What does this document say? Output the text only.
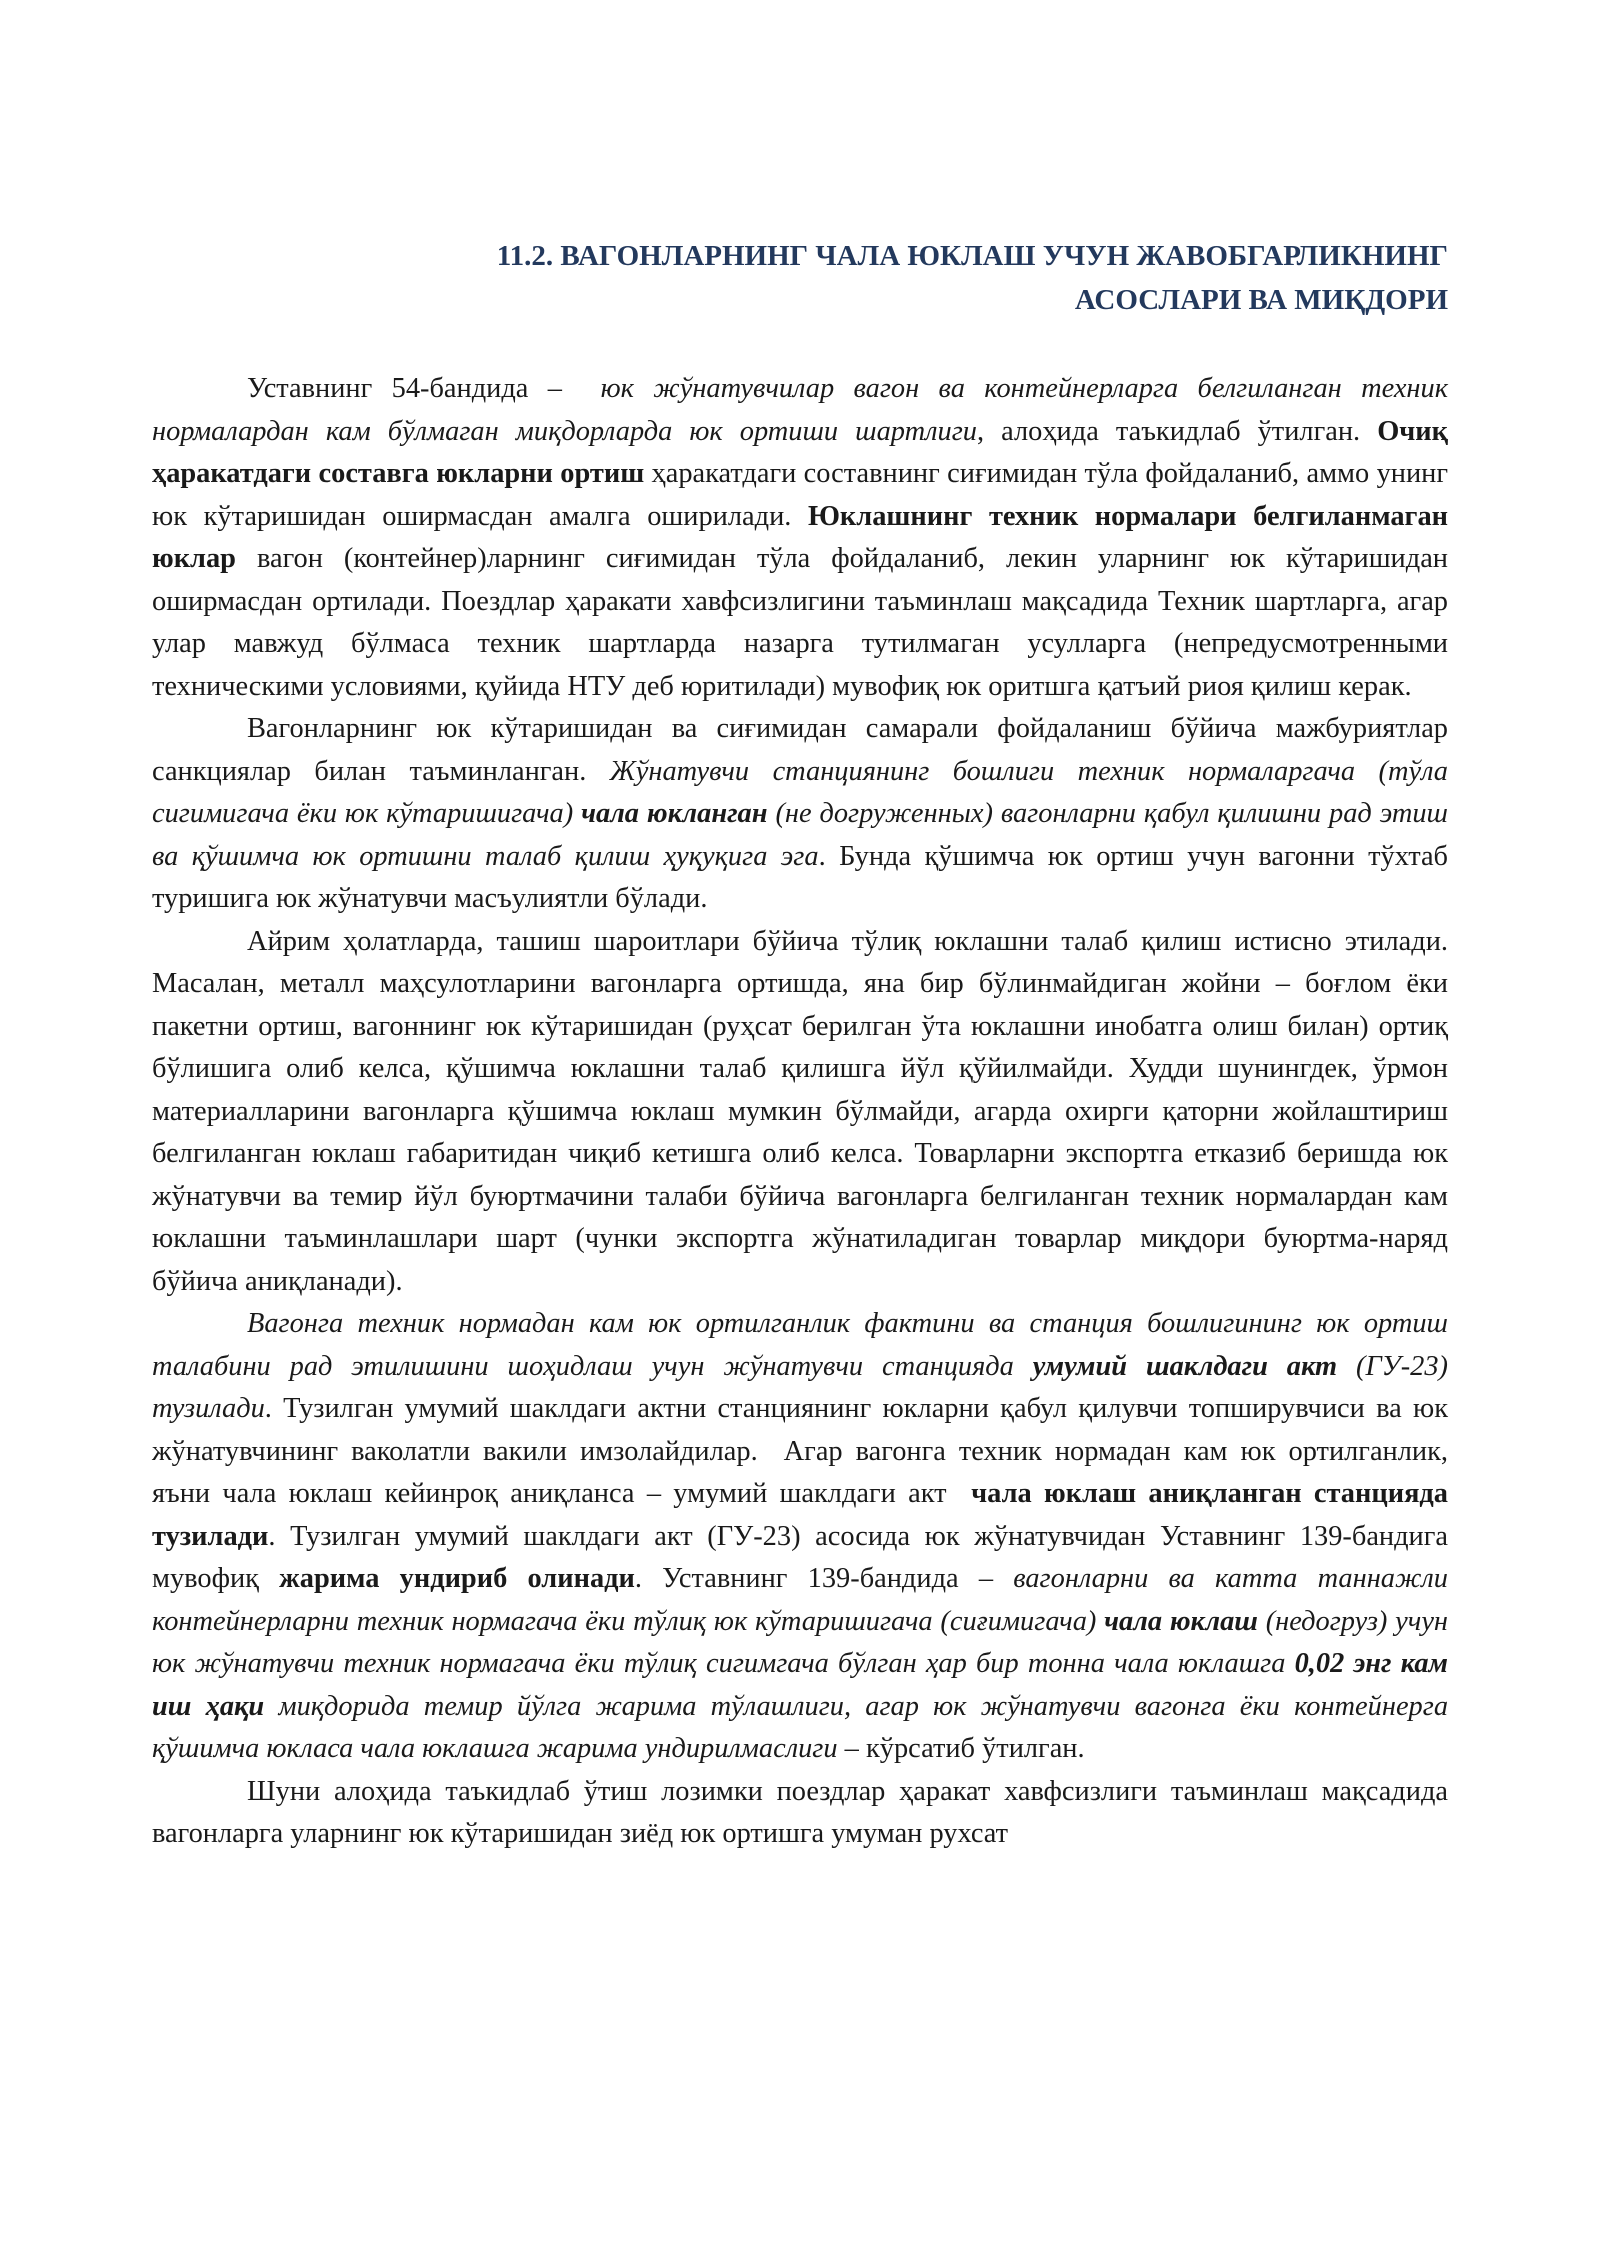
11.2. ВАГОНЛАРНИНГ ЧАЛА ЮКЛАШ УЧУН ЖАВОБГАРЛИКНИНГ
АСОСЛАРИ ВА МИҚДОРИ

Уставнинг 54-бандида –  юк жўнатувчилар вагон ва контейнерларга белгиланган техник нормалардан кам бўлмаган миқдорларда юк ортиши шартлиги, алоҳида таъкидлаб ўтилган. Очиқ ҳаракатдаги составга юкларни ортиш ҳаракатдаги составнинг сиғимидан тўла фойдаланиб, аммо унинг юк кўтаришидан оширмасдан амалга оширилади. Юклашнинг техник нормалари белгиланмаган юклар вагон (контейнер)ларнинг сиғимидан тўла фойдаланиб, лекин уларнинг юк кўтаришидан оширмасдан ортилади. Поездлар ҳаракати хавфсизлигини таъминлаш мақсадида Техник шартларга, агар улар мавжуд бўлмаса техник шартларда назарга тутилмаган усулларга (непредусмотренными техническими условиями, қуйида НТУ деб юритилади) мувофиқ юк оритшга қатъий риоя қилиш керак.

Вагонларнинг юк кўтаришидан ва сиғимидан самарали фойдаланиш бўйича мажбуриятлар санкциялар билан таъминланган. Жўнатувчи станциянинг бошлиги техник нормаларгача (тўла сигимигача ёки юк кўтаришигача) чала юкланган (не догруженных) вагонларни қабул қилишни рад этиш ва қўшимча юк ортишни талаб қилиш ҳуқуқига эга. Бунда қўшимча юк ортиш учун вагонни тўхтаб туришига юк жўнатувчи масъулиятли бўлади.

Айрим ҳолатларда, ташиш шароитлари бўйича тўлиқ юклашни талаб қилиш истисно этилади. Масалан, металл маҳсулотларини вагонларга ортишда, яна бир бўлинмайдиган жойни – боғлом ёки пакетни ортиш, вагоннинг юк кўтаришидан (руҳсат берилган ўта юклашни инобатга олиш билан) ортиқ бўлишига олиб келса, қўшимча юклашни талаб қилишга йўл қўйилмайди. Худди шунингдек, ўрмон материалларини вагонларга қўшимча юклаш мумкин бўлмайди, агарда охирги қаторни жойлаштириш белгиланган юклаш габаритидан чиқиб кетишга олиб келса. Товарларни экспортга етказиб беришда юк жўнатувчи ва темир йўл буюртмачини талаби бўйича вагонларга белгиланган техник нормалардан кам юклашни таъминлашлари шарт (чунки экспортга жўнатиладиган товарлар миқдори буюртма-наряд бўйича аниқланади).

Вагонга техник нормадан кам юк ортилганлик фактини ва станция бошлигининг юк ортиш талабини рад этилишини шоҳидлаш учун жўнатувчи станцияда умумий шаклдаги акт (ГУ-23) тузилади. Тузилган умумий шаклдаги актни станциянинг юкларни қабул қилувчи топширувчиси ва юк жўнатувчининг ваколатли вакили имзолайдилар.  Агар вагонга техник нормадан кам юк ортилганлик, яъни чала юклаш кейинроқ аниқланса – умумий шаклдаги акт  чала юклаш аниқланган станцияда тузилади. Тузилган умумий шаклдаги акт (ГУ-23) асосида юк жўнатувчидан Уставнинг 139-бандига мувофиқ жарима ундириб олинади. Уставнинг 139-бандида – вагонларни ва катта таннажли контейнерларни техник нормагача ёки тўлиқ юк кўтаришигача (сиғимигача) чала юклаш (недогруз) учун юк жўнатувчи техник нормагача ёки тўлиқ сигимгача бўлган ҳар бир тонна чала юклашга 0,02 энг кам иш ҳақи миқдорида темир йўлга жарима тўлашлиги, агар юк жўнатувчи вагонга ёки контейнерга қўшимча юкласа чала юклашга жарима ундирилмаслиги – кўрсатиб ўтилган.

Шуни алоҳида таъкидлаб ўтиш лозимки поездлар ҳаракат хавфсизлиги таъминлаш мақсадида вагонларга уларнинг юк кўтаришидан зиёд юк ортишга умуман рухсат
